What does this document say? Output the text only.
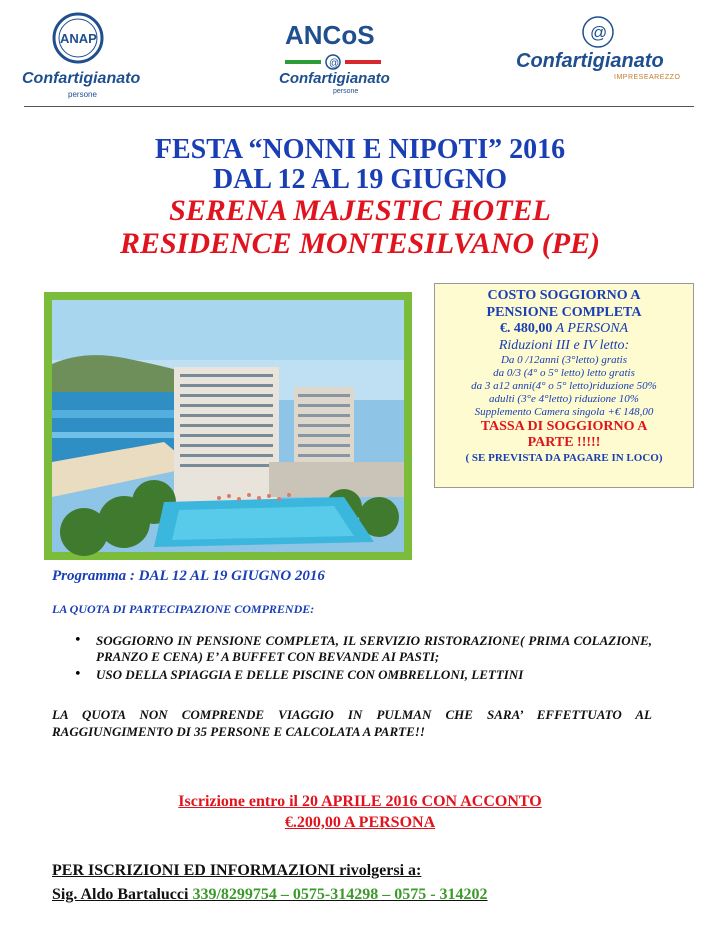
ANAP
Confartigianato
persone
ANCoS
@
Confartigianato
persone
@
Confartigianato
IMPRESEAREZZO
FESTA “NONNI E NIPOTI” 2016
DAL 12 AL 19 GIUGNO
SERENA MAJESTIC HOTEL
RESIDENCE MONTESILVANO (PE)
COSTO SOGGIORNO A
PENSIONE COMPLETA
€. 480,00 A PERSONA
Riduzioni III e IV letto:
Da 0 /12anni (3°letto) gratis
da 0/3 (4° o 5° letto) letto gratis
da 3 a12 anni(4° o 5° letto)riduzione 50%
adulti (3°e 4°letto) riduzione 10%
Supplemento Camera singola +€ 148,00
TASSA DI SOGGIORNO A
PARTE !!!!!
( SE PREVISTA DA PAGARE IN LOCO)
Programma : DAL 12 AL 19 GIUGNO 2016
LA QUOTA DI PARTECIPAZIONE COMPRENDE:
• SOGGIORNO IN PENSIONE COMPLETA, IL SERVIZIO RISTORAZIONE( PRIMA COLAZIONE, PRANZO E CENA) E’ A BUFFET CON BEVANDE AI PASTI;
• USO DELLA SPIAGGIA E DELLE PISCINE CON OMBRELLONI, LETTINI
LA QUOTA NON COMPRENDE VIAGGIO IN PULMAN CHE SARA’ EFFETTUATO AL RAGGIUNGIMENTO DI 35 PERSONE E CALCOLATA A PARTE!!
Iscrizione entro il 20 APRILE 2016 CON ACCONTO
€.200,00 A PERSONA
PER ISCRIZIONI ED INFORMAZIONI rivolgersi a:
Sig. Aldo Bartalucci 339/8299754 – 0575-314298 – 0575 - 314202
